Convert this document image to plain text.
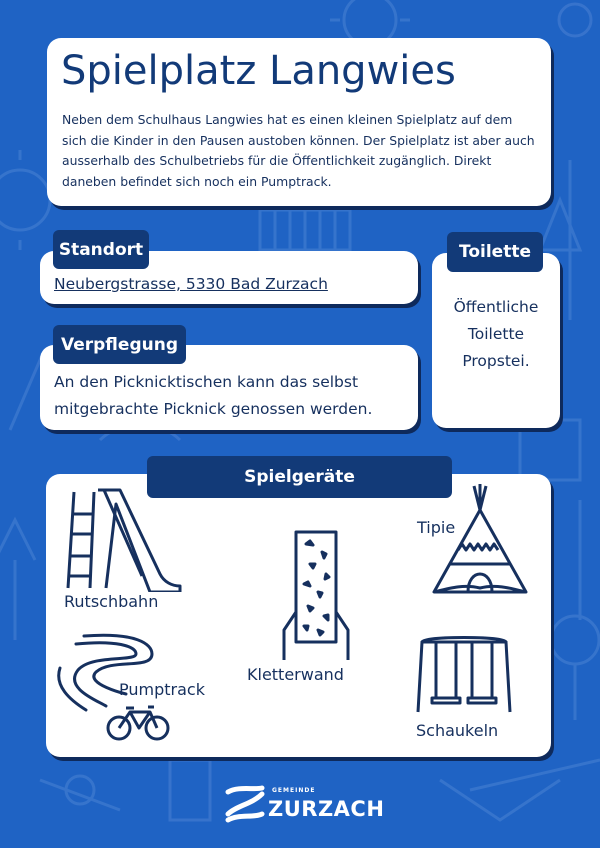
Spielplatz Langwies
Neben dem Schulhaus Langwies hat es einen kleinen Spielplatz auf dem sich die Kinder in den Pausen austoben können. Der Spielplatz ist aber auch ausserhalb des Schulbetriebs für die Öffentlichkeit zugänglich. Direkt daneben befindet sich noch ein Pumptrack.
Neubergstrasse, 5330 Bad Zurzach
Standort
An den Picknicktischen kann das selbst mitgebrachte Picknick genossen werden.
Verpflegung
Öffentliche Toilette Propstei.
Toilette
Rutschbahn
Kletterwand
Tipie
Pumptrack
Schaukeln
Spielgeräte
GEMEINDE
ZURZACH
